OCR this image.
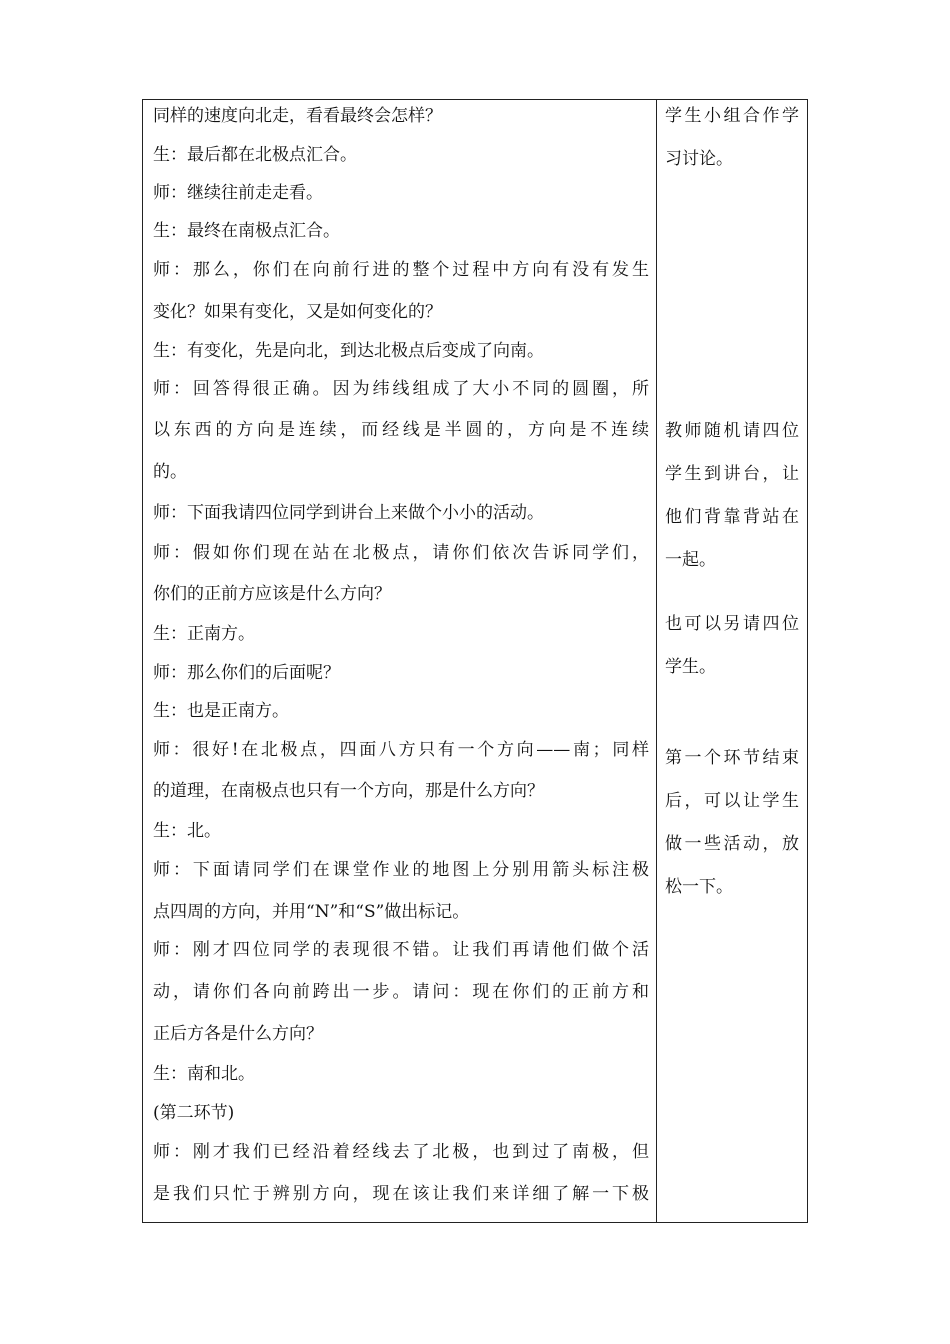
同样的速度向北走，看看最终会怎样？
生：最后都在北极点汇合。
师：继续往前走走看。
生：最终在南极点汇合。
师：那么，你们在向前行进的整个过程中方向有没有发生
变化？如果有变化，又是如何变化的？
生：有变化，先是向北，到达北极点后变成了向南。
师：回答得很正确。因为纬线组成了大小不同的圆圈，所
以东西的方向是连续，而经线是半圆的，方向是不连续
的。
师：下面我请四位同学到讲台上来做个小小的活动。
师：假如你们现在站在北极点，请你们依次告诉同学们，
你们的正前方应该是什么方向？
生：正南方。
师：那么你们的后面呢？
生：也是正南方。
师：很好!在北极点，四面八方只有一个方向——南；同样
的道理，在南极点也只有一个方向，那是什么方向？
生：北。
师：下面请同学们在课堂作业的地图上分别用箭头标注极
点四周的方向，并用“N”和“S”做出标记。
师：刚才四位同学的表现很不错。让我们再请他们做个活
动，请你们各向前跨出一步。请问：现在你们的正前方和
正后方各是什么方向？
生：南和北。
(第二环节)
师：刚才我们已经沿着经线去了北极，也到过了南极，但
是我们只忙于辨别方向，现在该让我们来详细了解一下极
学生小组合作学
习讨论。
教师随机请四位
学生到讲台，让
他们背靠背站在
一起。
也可以另请四位
学生。
第一个环节结束
后，可以让学生
做一些活动，放
松一下。
